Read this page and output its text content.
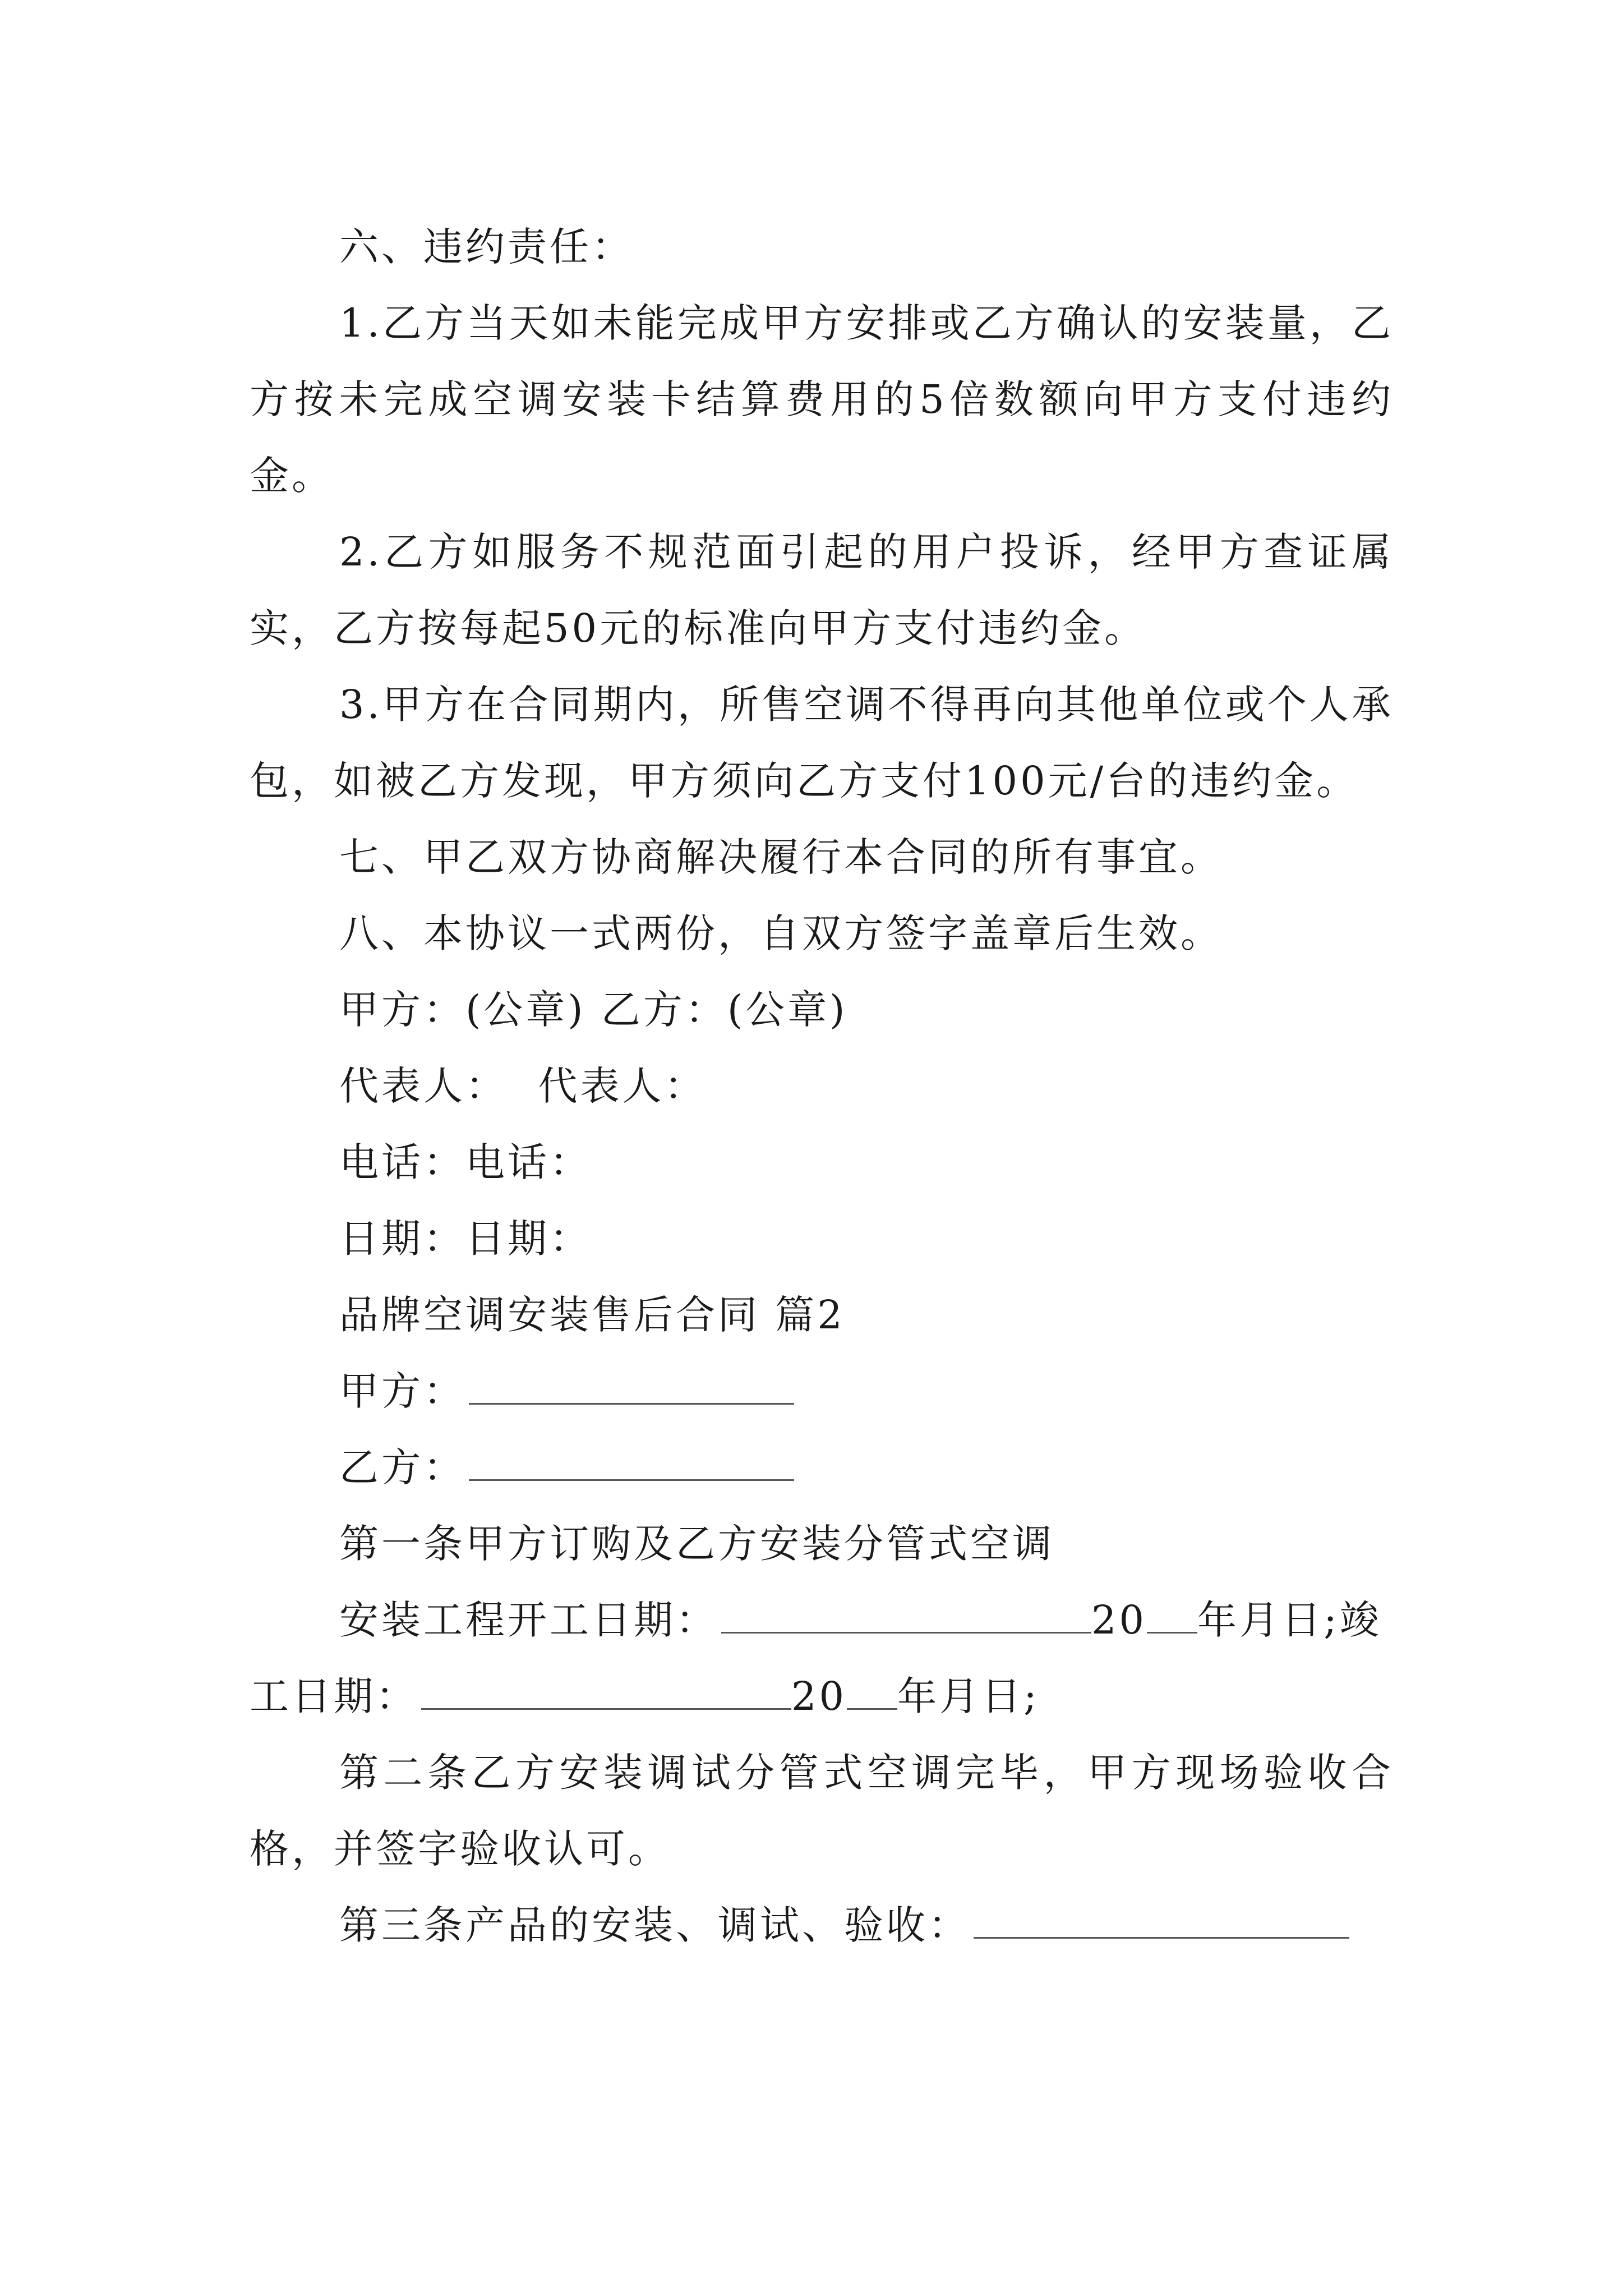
六、违约责任：

1.乙方当天如未能完成甲方安排或乙方确认的安装量，乙方按未完成空调安装卡结算费用的5倍数额向甲方支付违约金。

2.乙方如服务不规范面引起的用户投诉，经甲方查证属实，乙方按每起50元的标准向甲方支付违约金。

3.甲方在合同期内，所售空调不得再向其他单位或个人承包，如被乙方发现，甲方须向乙方支付100元/台的违约金。

七、甲乙双方协商解决履行本合同的所有事宜。

八、本协议一式两份，自双方签字盖章后生效。

甲方：(公章) 乙方：(公章)

代表人：  代表人：

电话：电话：

日期：日期：

品牌空调安装售后合同 篇2

甲方：

乙方：

第一条甲方订购及乙方安装分管式空调

安装工程开工日期：	20 年月日;竣
工日期：	20 年月日;

第二条乙方安装调试分管式空调完毕，甲方现场验收合格，并签字验收认可。

第三条产品的安装、调试、验收：
